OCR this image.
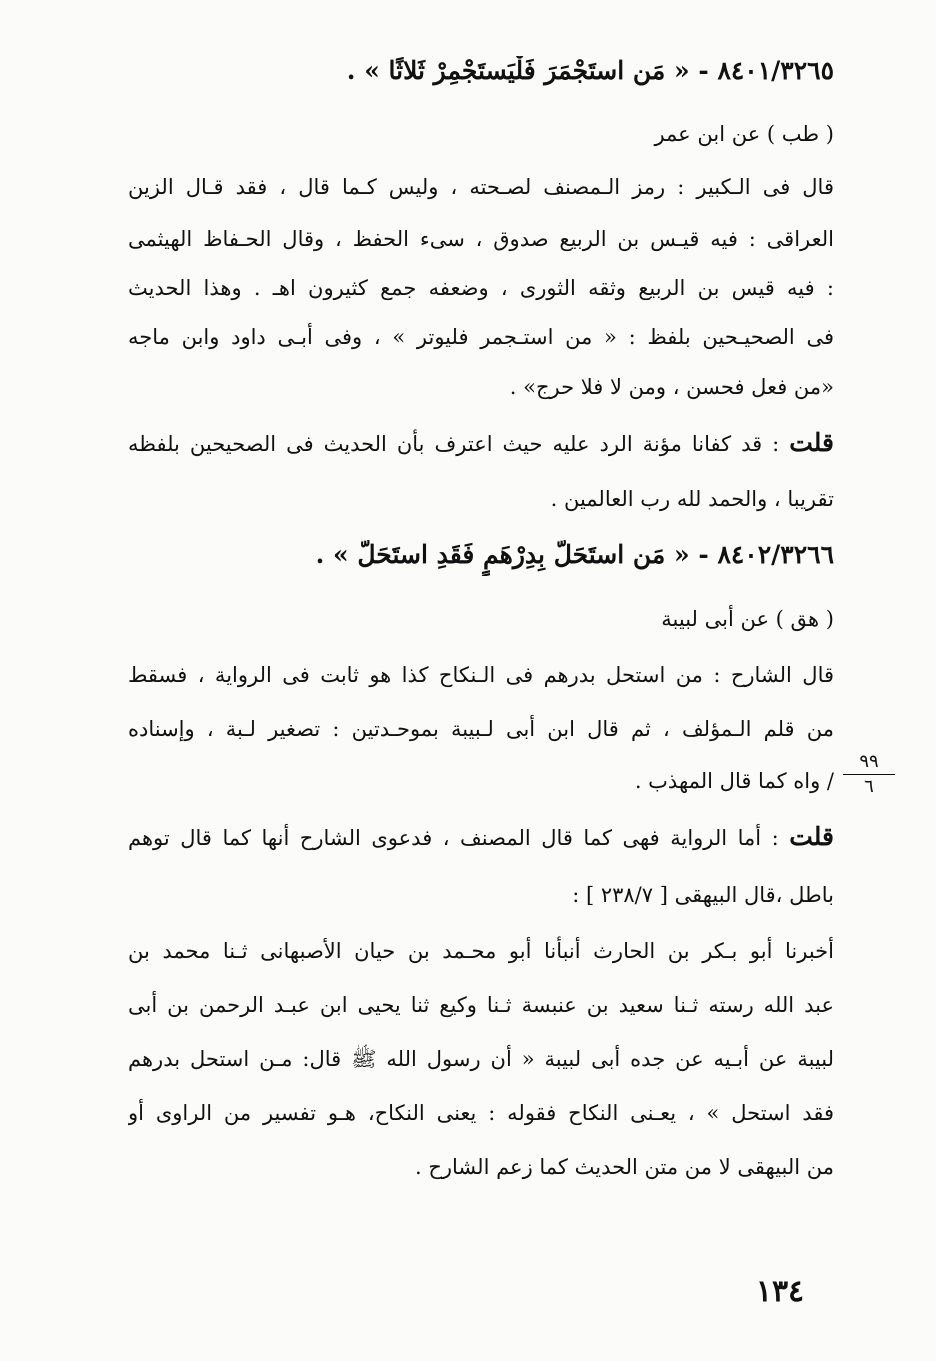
٨٤٠١/٣٢٦٥ - « مَن استَجْمَرَ فَلْيَستَجْمِرْ ثَلاثًا » .
( طب ) عن ابن عمر
قال فى الـكبير : رمز الـمصنف لصـحته ، وليس كـما قال ، فقد قـال الزين
العراقى : فيه قيـس بن الربيع صدوق ، سىء الحفظ ، وقال الحـفاظ الهيثمى
: فيه قيس بن الربيع وثقه الثورى ، وضعفه جمع كثيرون اهـ . وهذا الحديث
فى الصحيـحين بلفظ : « من استـجمر فليوتر » ، وفى أبـى داود وابن ماجه
«من فعل فحسن ، ومن لا فلا حرج» .
قلت : قد كفانا مؤنة الرد عليه حيث اعترف بأن الحديث فى الصحيحين بلفظه
تقريبا ، والحمد لله رب العالمين .
٨٤٠٢/٣٢٦٦ - « مَن استَحَلَّ بِدِرْهَمٍ فَقَدِ استَحَلَّ » .
( هق ) عن أبى لبيبة
قال الشارح : من استحل بدرهم فى الـنكاح كذا هو ثابت فى الرواية ، فسقط
من قلم الـمؤلف ، ثم قال ابن أبى لـبيبة بموحـدتين : تصغير لـبة ، وإسناده
/ واه كما قال المهذب .
قلت : أما الرواية فهى كما قال المصنف ، فدعوى الشارح أنها كما قال توهم
باطل ،قال البيهقى [ ٢٣٨/٧ ] :
أخبرنا أبو بـكر بن الحارث أنبأنا أبو محـمد بن حيان الأصبهانى ثـنا محمد بن
عبد الله رسته ثـنا سعيد بن عنبسة ثـنا وكيع ثنا يحيى ابن عبـد الرحمن بن أبى
لبيبة عن أبـيه عن جده أبى لبيبة « أن رسول الله ﷺ قال: مـن استحل بدرهم
فقد استحل » ، يعـنى النكاح فقوله : يعنى النكاح، هـو تفسير من الراوى أو
من البيهقى لا من متن الحديث كما زعم الشارح .
٩٩
٦
١٣٤
